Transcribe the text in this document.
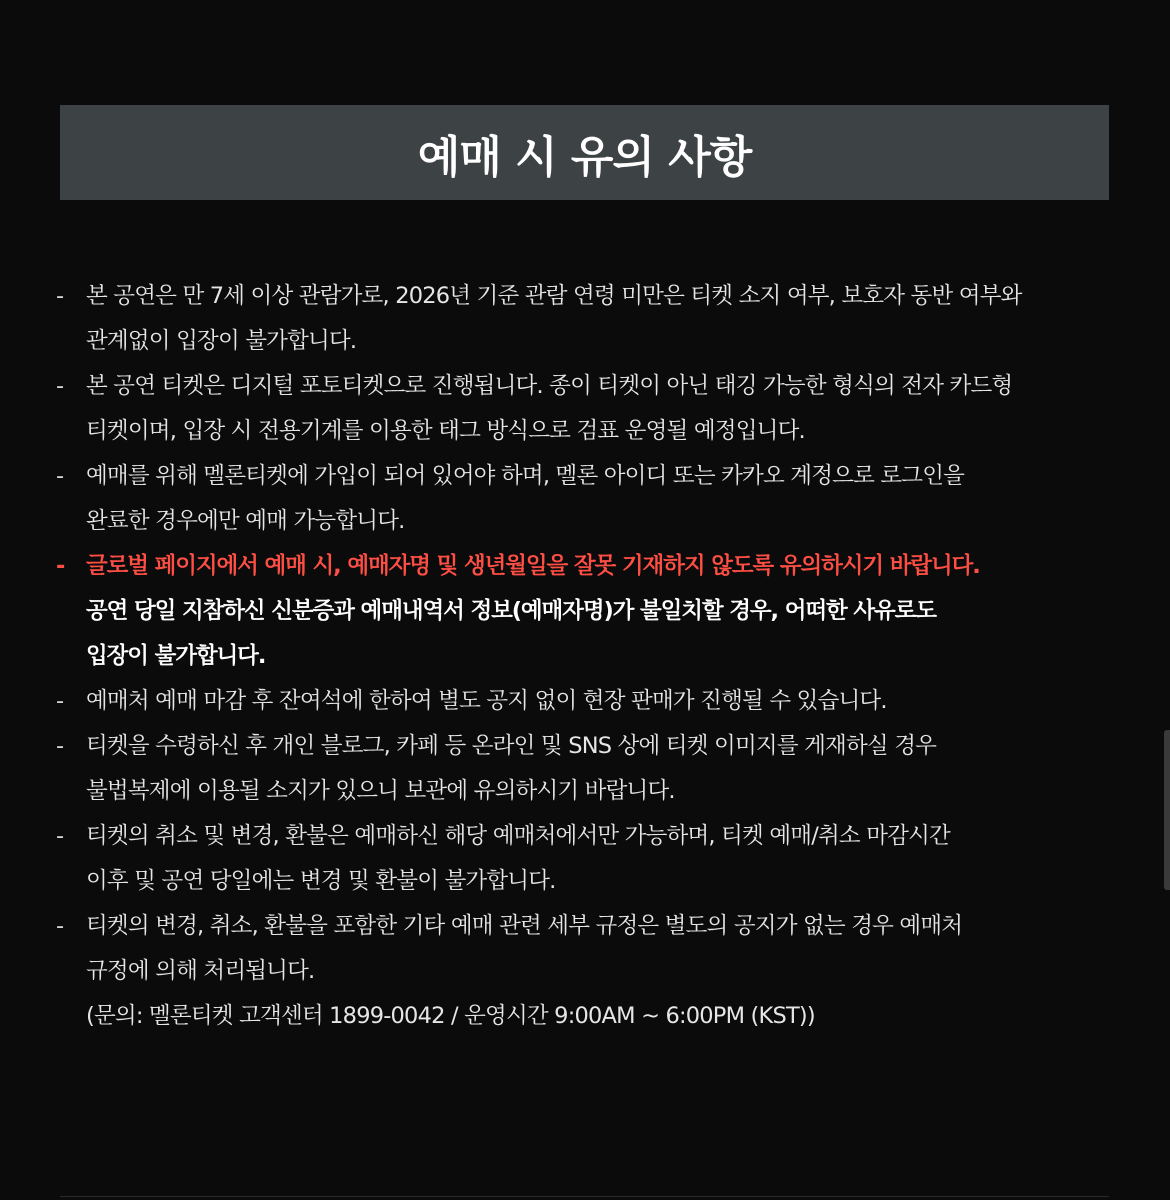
예매 시 유의 사항
- 본 공연은 만 7세 이상 관람가로, 2026년 기준 관람 연령 미만은 티켓 소지 여부, 보호자 동반 여부와
관계없이 입장이 불가합니다.
- 본 공연 티켓은 디지털 포토티켓으로 진행됩니다. 종이 티켓이 아닌 태깅 가능한 형식의 전자 카드형
티켓이며, 입장 시 전용기계를 이용한 태그 방식으로 검표 운영될 예정입니다.
- 예매를 위해 멜론티켓에 가입이 되어 있어야 하며, 멜론 아이디 또는 카카오 계정으로 로그인을
완료한 경우에만 예매 가능합니다.
- 글로벌 페이지에서 예매 시, 예매자명 및 생년월일을 잘못 기재하지 않도록 유의하시기 바랍니다.
공연 당일 지참하신 신분증과 예매내역서 정보(예매자명)가 불일치할 경우, 어떠한 사유로도
입장이 불가합니다.
- 예매처 예매 마감 후 잔여석에 한하여 별도 공지 없이 현장 판매가 진행될 수 있습니다.
- 티켓을 수령하신 후 개인 블로그, 카페 등 온라인 및 SNS 상에 티켓 이미지를 게재하실 경우
불법복제에 이용될 소지가 있으니 보관에 유의하시기 바랍니다.
- 티켓의 취소 및 변경, 환불은 예매하신 해당 예매처에서만 가능하며, 티켓 예매/취소 마감시간
이후 및 공연 당일에는 변경 및 환불이 불가합니다.
- 티켓의 변경, 취소, 환불을 포함한 기타 예매 관련 세부 규정은 별도의 공지가 없는 경우 예매처
규정에 의해 처리됩니다.
(문의: 멜론티켓 고객센터 1899-0042 / 운영시간 9:00AM ~ 6:00PM (KST))
